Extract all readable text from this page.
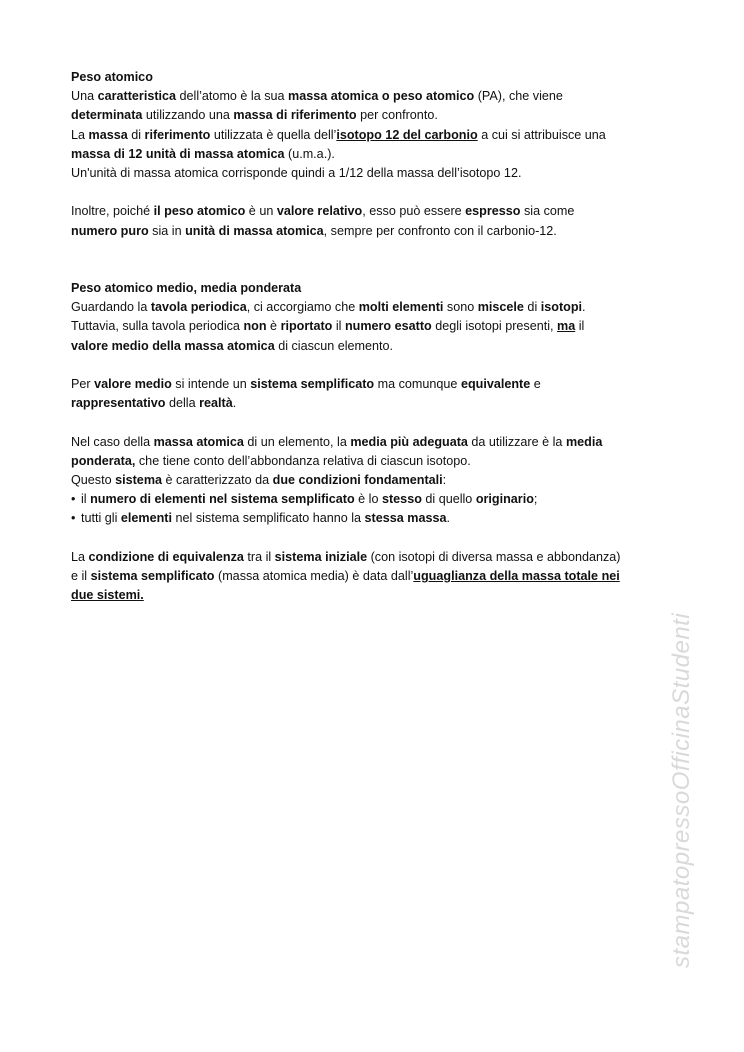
Peso atomico

Una caratteristica dell’atomo è la sua massa atomica o peso atomico (PA), che viene

determinata utilizzando una massa di riferimento per confronto.

La massa di riferimento utilizzata è quella dell’isotopo 12 del carbonio a cui si attribuisce una

massa di 12 unità di massa atomica (u.m.a.).

Un'unità di massa atomica corrisponde quindi a 1/12 della massa dell’isotopo 12.

Inoltre, poiché il peso atomico è un valore relativo, esso può essere espresso sia come

numero puro sia in unità di massa atomica, sempre per confronto con il carbonio-12.

Peso atomico medio, media ponderata

Guardando la tavola periodica, ci accorgiamo che molti elementi sono miscele di isotopi.

Tuttavia, sulla tavola periodica non è riportato il numero esatto degli isotopi presenti, ma il

valore medio della massa atomica di ciascun elemento.

Per valore medio si intende un sistema semplificato ma comunque equivalente e

rappresentativo della realtà.

Nel caso della massa atomica di un elemento, la media più adeguata da utilizzare è la media

ponderata, che tiene conto dell’abbondanza relativa di ciascun isotopo.

Questo sistema è caratterizzato da due condizioni fondamentali:

• il numero di elementi nel sistema semplificato è lo stesso di quello originario;

• tutti gli elementi nel sistema semplificato hanno la stessa massa.

La condizione di equivalenza tra il sistema iniziale (con isotopi di diversa massa e abbondanza)

e il sistema semplificato (massa atomica media) è data dall’uguaglianza della massa totale nei

due sistemi.

stampatopressoOfficinaStudenti
